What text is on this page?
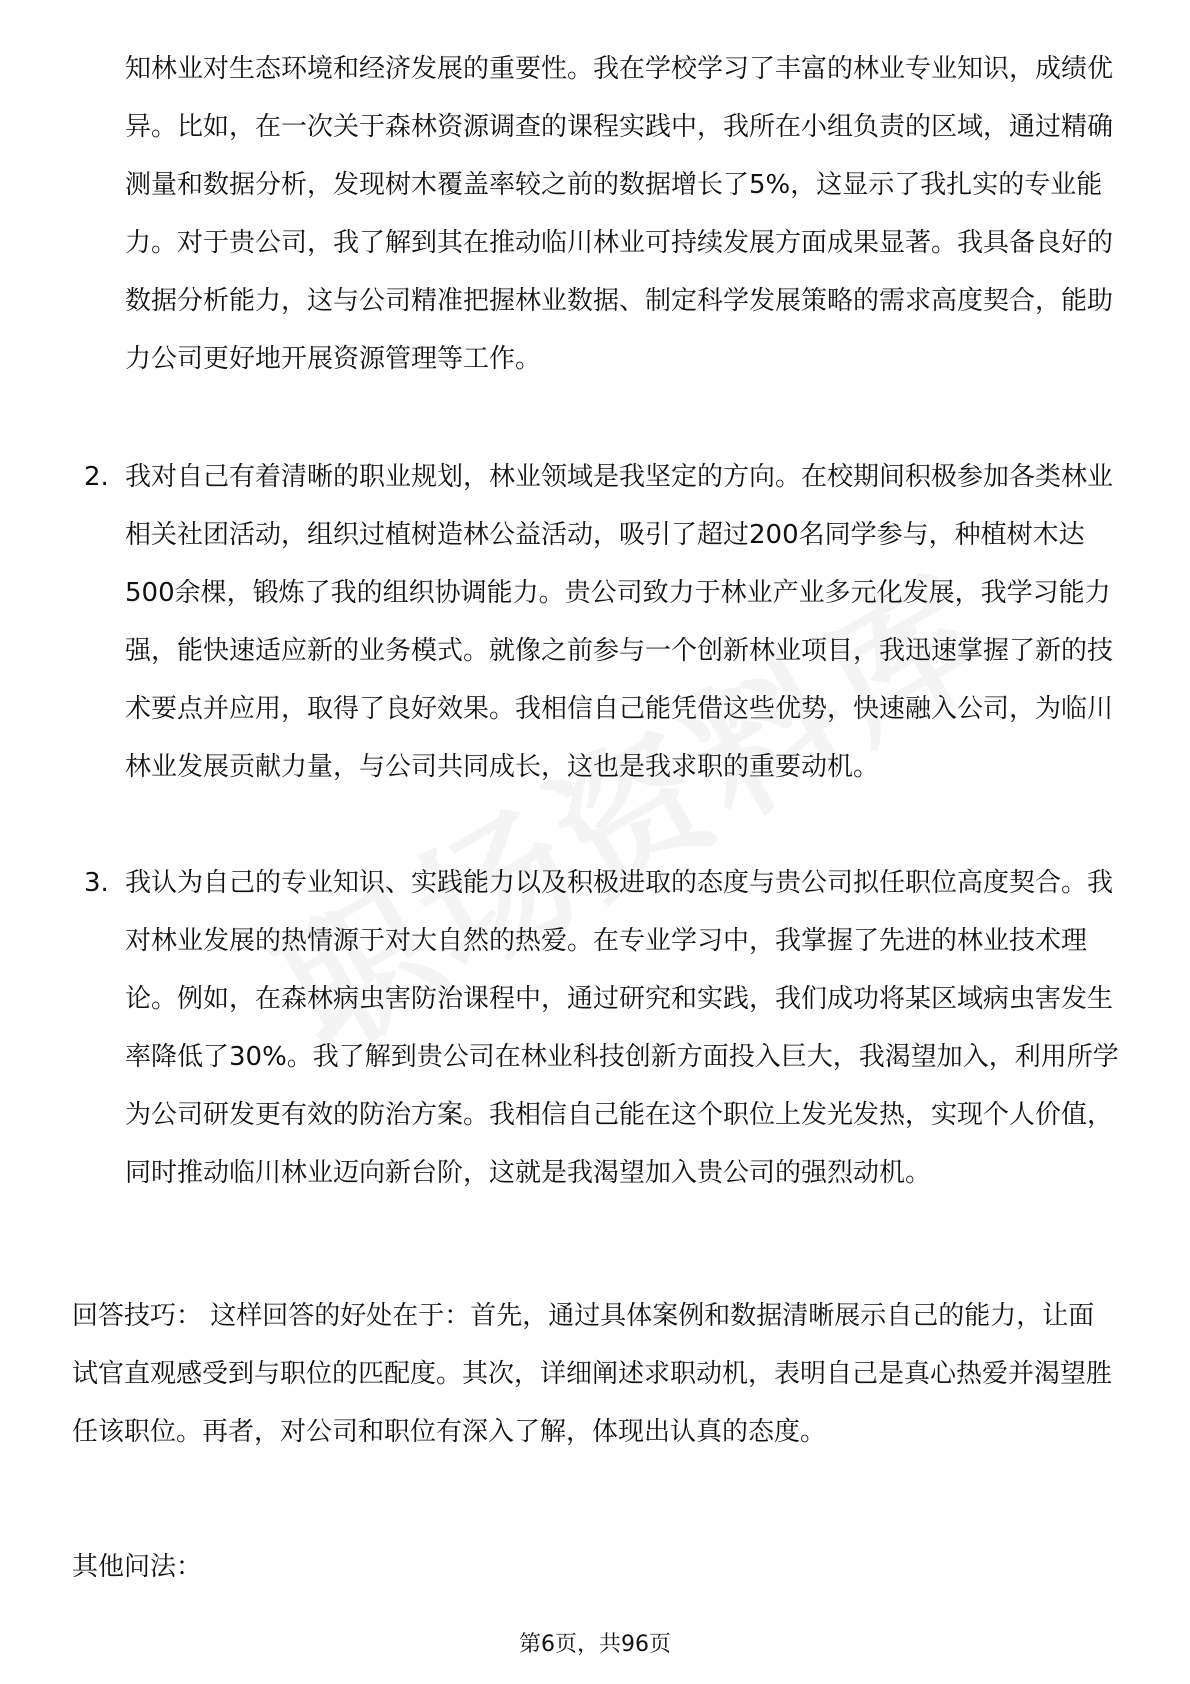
知林业对生态环境和经济发展的重要性。我在学校学习了丰富的林业专业知识，成绩优异。比如，在一次关于森林资源调查的课程实践中，我所在小组负责的区域，通过精确测量和数据分析，发现树木覆盖率较之前的数据增长了5%，这显示了我扎实的专业能力。对于贵公司，我了解到其在推动临川林业可持续发展方面成果显著。我具备良好的数据分析能力，这与公司精准把握林业数据、制定科学发展策略的需求高度契合，能助力公司更好地开展资源管理等工作。

2. 我对自己有着清晰的职业规划，林业领域是我坚定的方向。在校期间积极参加各类林业相关社团活动，组织过植树造林公益活动，吸引了超过200名同学参与，种植树木达500余棵，锻炼了我的组织协调能力。贵公司致力于林业产业多元化发展，我学习能力强，能快速适应新的业务模式。就像之前参与一个创新林业项目，我迅速掌握了新的技术要点并应用，取得了良好效果。我相信自己能凭借这些优势，快速融入公司，为临川林业发展贡献力量，与公司共同成长，这也是我求职的重要动机。
3. 我认为自己的专业知识、实践能力以及积极进取的态度与贵公司拟任职位高度契合。我对林业发展的热情源于对大自然的热爱。在专业学习中，我掌握了先进的林业技术理论。例如，在森林病虫害防治课程中，通过研究和实践，我们成功将某区域病虫害发生率降低了30%。我了解到贵公司在林业科技创新方面投入巨大，我渴望加入，利用所学为公司研发更有效的防治方案。我相信自己能在这个职位上发光发热，实现个人价值，同时推动临川林业迈向新台阶，这就是我渴望加入贵公司的强烈动机。

回答技巧： 这样回答的好处在于：首先，通过具体案例和数据清晰展示自己的能力，让面试官直观感受到与职位的匹配度。其次，详细阐述求职动机，表明自己是真心热爱并渴望胜任该职位。再者，对公司和职位有深入了解，体现出认真的态度。

其他问法：

第6页，共96页
